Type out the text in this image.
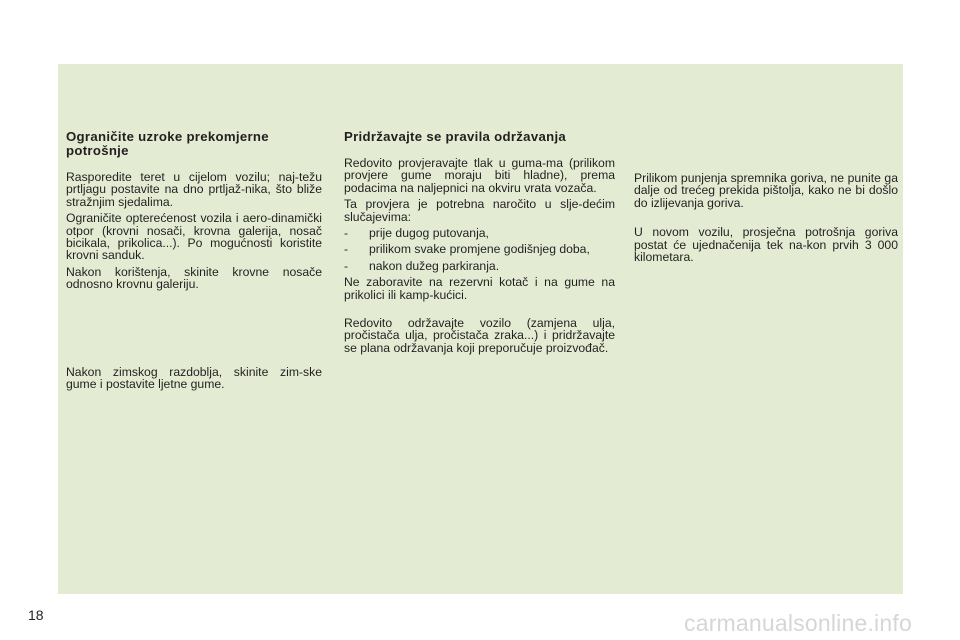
Ograničite uzroke prekomjerne potrošnje

Rasporedite teret u cijelom vozilu; naj-težu prtljagu postavite na dno prtljaž-nika, što bliže stražnjim sjedalima.

Ograničite opterećenost vozila i aero-dinamički otpor (krovni nosači, krovna galerija, nosač bicikala, prikolica...). Po mogućnosti koristite krovni sanduk.

Nakon korištenja, skinite krovne nosače odnosno krovnu galeriju.

Nakon zimskog razdoblja, skinite zim-ske gume i postavite ljetne gume.

Pridržavajte se pravila održavanja

Redovito provjeravajte tlak u guma-ma (prilikom provjere gume moraju biti hladne), prema podacima na naljepnici na okviru vrata vozača.

Ta provjera je potrebna naročito u slje-dećim slučajevima:

-	prije dugog putovanja,
-	prilikom svake promjene godišnjeg doba,
-	nakon dužeg parkiranja.

Ne zaboravite na rezervni kotač i na gume na prikolici ili kamp-kućici.

Redovito održavajte vozilo (zamjena ulja, pročistača ulja, pročistača zraka...) i pridržavajte se plana održavanja koji preporučuje proizvođač.

Prilikom punjenja spremnika goriva, ne punite ga dalje od trećeg prekida pištolja, kako ne bi došlo do izlijevanja goriva.

U novom vozilu, prosječna potrošnja goriva postat će ujednačenija tek na-kon prvih 3 000 kilometara.

18	carmanualsonline.info
